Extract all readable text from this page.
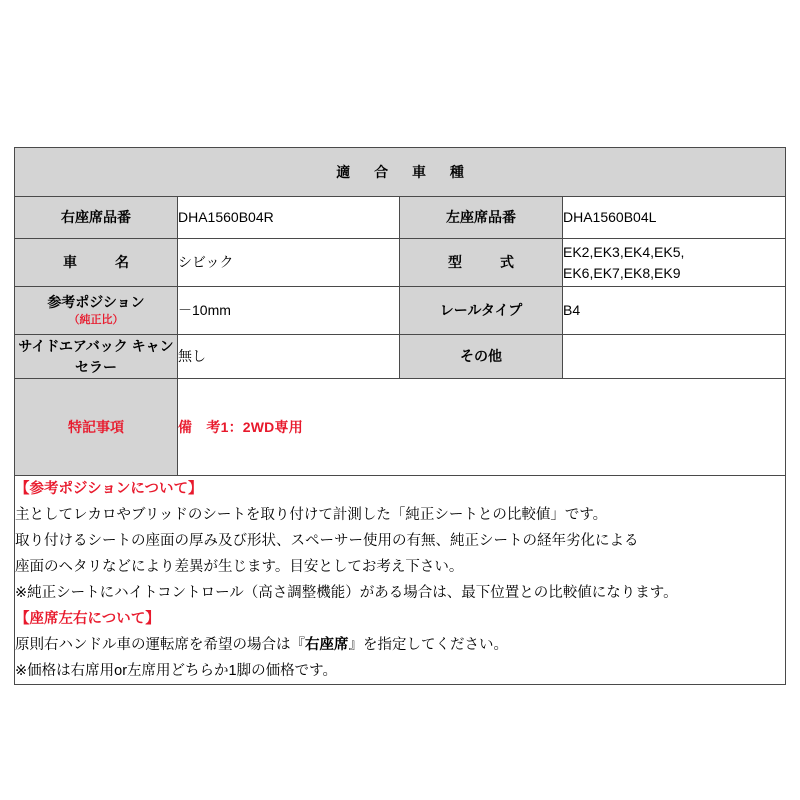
適 合 車 種			
右座席品番	DHA1560B04R	左座席品番	DHA1560B04L
車　名	シビック	型　式	EK2,EK3,EK4,EK5,
EK6,EK7,EK8,EK9

参考ポジション
（純正比）	－10mm	レールタイプ	B4
サイドエアバック キャンセラー	無し	その他	
特記事項	備　考1：2WD専用		

【参考ポジションについて】
主としてレカロやブリッドのシートを取り付けて計測した「純正シートとの比較値」です。
取り付けるシートの座面の厚み及び形状、スペーサー使用の有無、純正シートの経年劣化による
座面のヘタリなどにより差異が生じます。目安としてお考え下さい。
※純正シートにハイトコントロール（高さ調整機能）がある場合は、最下位置との比較値になります。
【座席左右について】
原則右ハンドル車の運転席を希望の場合は『右座席』を指定してください。
※価格は右席用or左席用どちらか1脚の価格です。
